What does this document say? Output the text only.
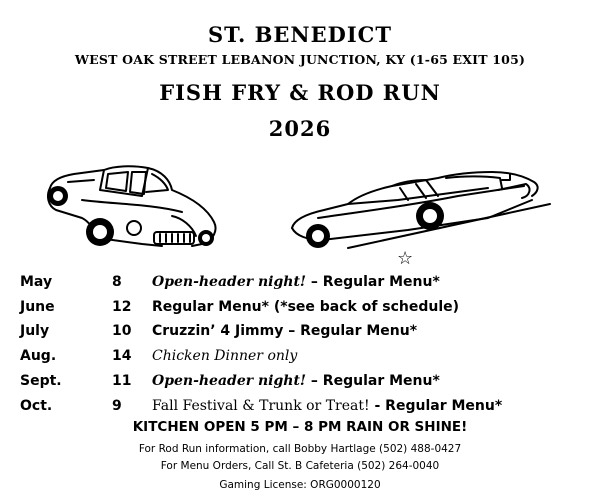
ST. BENEDICT
WEST OAK STREET LEBANON JUNCTION, KY (1-65 EXIT 105)
FISH FRY & ROD RUN
2026
☆
May	8 Open-header night! – Regular Menu*
June	12 Regular Menu* (*see back of schedule)
July	10 Cruzzin’ 4 Jimmy – Regular Menu*
Aug.	14 Chicken Dinner only
Sept.	11 Open-header night! – Regular Menu*
Oct.	9 Fall Festival & Trunk or Treat! - Regular Menu*
KITCHEN OPEN 5 PM – 8 PM RAIN OR SHINE!
For Rod Run information, call Bobby Hartlage (502) 488-0427
For Menu Orders, Call St. B Cafeteria (502) 264-0040
Gaming License: ORG0000120
